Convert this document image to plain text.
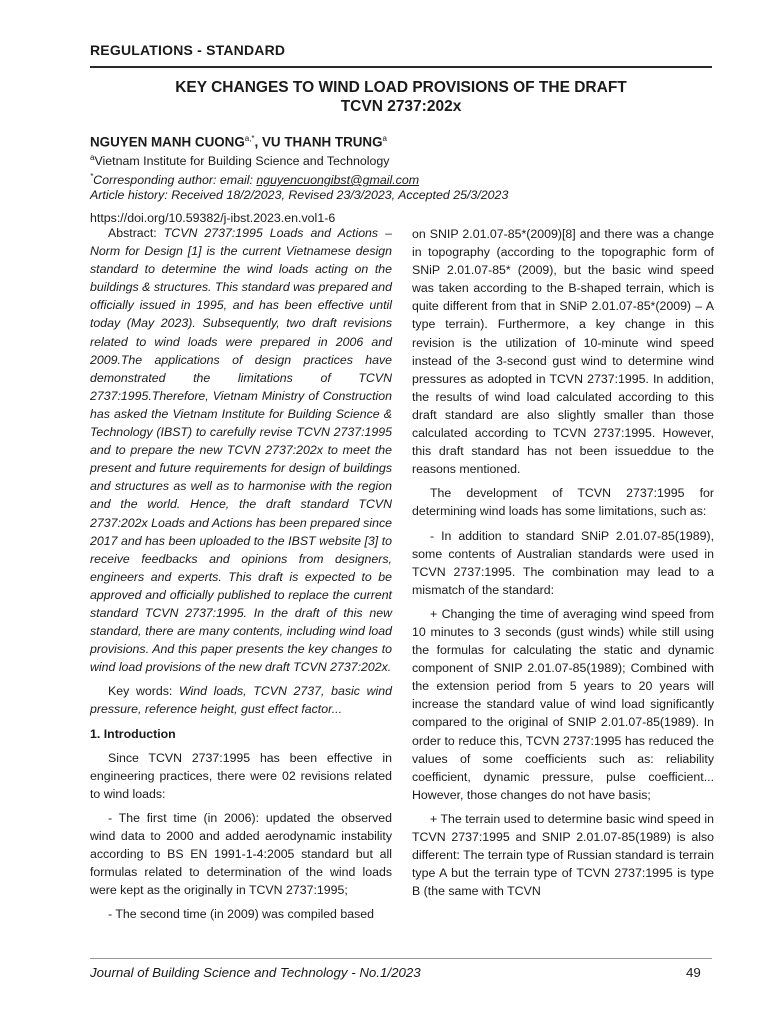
REGULATIONS - STANDARD
KEY CHANGES TO WIND LOAD PROVISIONS OF THE DRAFT
TCVN 2737:202x
NGUYEN MANH $CUONG^{a,*}$, VU THANH TRUNG$^a$
$^a$Vietnam Institute for Building Science and Technology
*Corresponding author: email: nguyencuongibst@gmail.com
Article history: Received 18/2/2023, Revised 23/3/2023, Accepted 25/3/2023
https://doi.org/10.59382/j-ibst.2023.en.vol1-6

Abstract: TCVN 2737:1995 Loads and Actions – Norm for Design [1] is the current Vietnamese design standard to determine the wind loads acting on the buildings & structures. This standard was prepared and officially issued in 1995, and has been effective until today (May 2023). Subsequently, two draft revisions related to wind loads were prepared in 2006 and 2009.The applications of design practices have demonstrated the limitations of TCVN 2737:1995.Therefore, Vietnam Ministry of Construction has asked the Vietnam Institute for Building Science & Technology (IBST) to carefully revise TCVN 2737:1995 and to prepare the new TCVN 2737:202x to meet the present and future requirements for design of buildings and structures as well as to harmonise with the region and the world. Hence, the draft standard TCVN 2737:202x Loads and Actions has been prepared since 2017 and has been uploaded to the IBST website [3] to receive feedbacks and opinions from designers, engineers and experts. This draft is expected to be approved and officially published to replace the current standard TCVN 2737:1995. In the draft of this new standard, there are many contents, including wind load provisions. And this paper presents the key changes to wind load provisions of the new draft TCVN 2737:202x.

Key words: Wind loads, TCVN 2737, basic wind pressure, reference height, gust effect factor...

1. Introduction

Since TCVN 2737:1995 has been effective in engineering practices, there were 02 revisions related to wind loads:

- The first time (in 2006): updated the observed wind data to 2000 and added aerodynamic instability according to BS EN 1991-1-4:2005 standard but all formulas related to determination of the wind loads were kept as the originally in TCVN 2737:1995;

- The second time (in 2009) was compiled based

on SNIP 2.01.07-85*(2009)[8] and there was a change in topography (according to the topographic form of SNiP 2.01.07-85* (2009), but the basic wind speed was taken according to the B-shaped terrain, which is quite different from that in SNiP 2.01.07-85*(2009) – A type terrain). Furthermore, a key change in this revision is the utilization of 10-minute wind speed instead of the 3-second gust wind to determine wind pressures as adopted in TCVN 2737:1995. In addition, the results of wind load calculated according to this draft standard are also slightly smaller than those calculated according to TCVN 2737:1995. However, this draft standard has not been issueddue to the reasons mentioned.

The development of TCVN 2737:1995 for determining wind loads has some limitations, such as:

- In addition to standard SNiP 2.01.07-85(1989), some contents of Australian standards were used in TCVN 2737:1995. The combination may lead to a mismatch of the standard:

+ Changing the time of averaging wind speed from 10 minutes to 3 seconds (gust winds) while still using the formulas for calculating the static and dynamic component of SNIP 2.01.07-85(1989); Combined with the extension period from 5 years to 20 years will increase the standard value of wind load significantly compared to the original of SNIP 2.01.07-85(1989). In order to reduce this, TCVN 2737:1995 has reduced the values of some coefficients such as: reliability coefficient, dynamic pressure, pulse coefficient... However, those changes do not have basis;

+ The terrain used to determine basic wind speed in TCVN 2737:1995 and SNIP 2.01.07-85(1989) is also different: The terrain type of Russian standard is terrain type A but the terrain type of TCVN 2737:1995 is type B (the same with TCVN

Journal of Building Science and Technology - No.1/2023	49
